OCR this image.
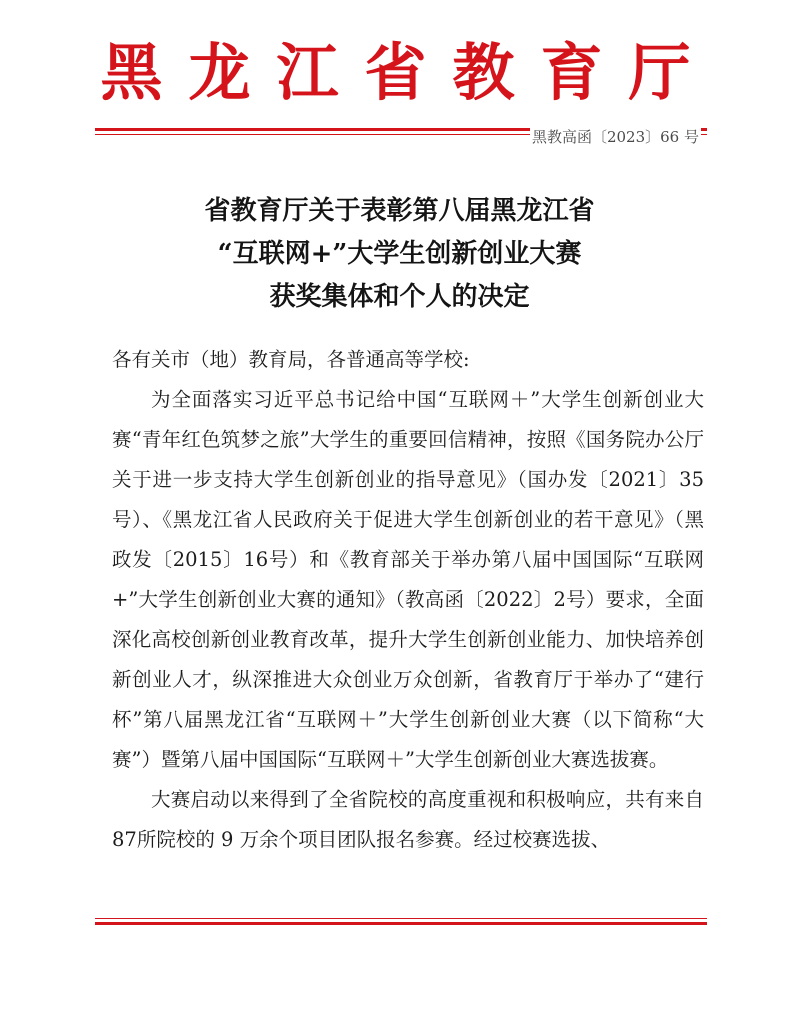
黑龙江省教育厅
黑教高函〔2023〕66 号
省教育厅关于表彰第八届黑龙江省
“互联网+”大学生创新创业大赛
获奖集体和个人的决定

各有关市（地）教育局，各普通高等学校:

为全面落实习近平总书记给中国“互联网＋”大学生创新创业大赛“青年红色筑梦之旅”大学生的重要回信精神，按照《国务院办公厅关于进一步支持大学生创新创业的指导意见》（国办发〔2021〕35号）、《黑龙江省人民政府关于促进大学生创新创业的若干意见》（黑政发〔2015〕16号）和《教育部关于举办第八届中国国际“互联网+”大学生创新创业大赛的通知》（教高函〔2022〕2号）要求，全面深化高校创新创业教育改革，提升大学生创新创业能力、加快培养创新创业人才，纵深推进大众创业万众创新，省教育厅于举办了“建行杯”第八届黑龙江省“互联网＋”大学生创新创业大赛（以下简称“大赛”）暨第八届中国国际“互联网＋”大学生创新创业大赛选拔赛。

大赛启动以来得到了全省院校的高度重视和积极响应，共有来自 87所院校的 9 万余个项目团队报名参赛。经过校赛选拔、
